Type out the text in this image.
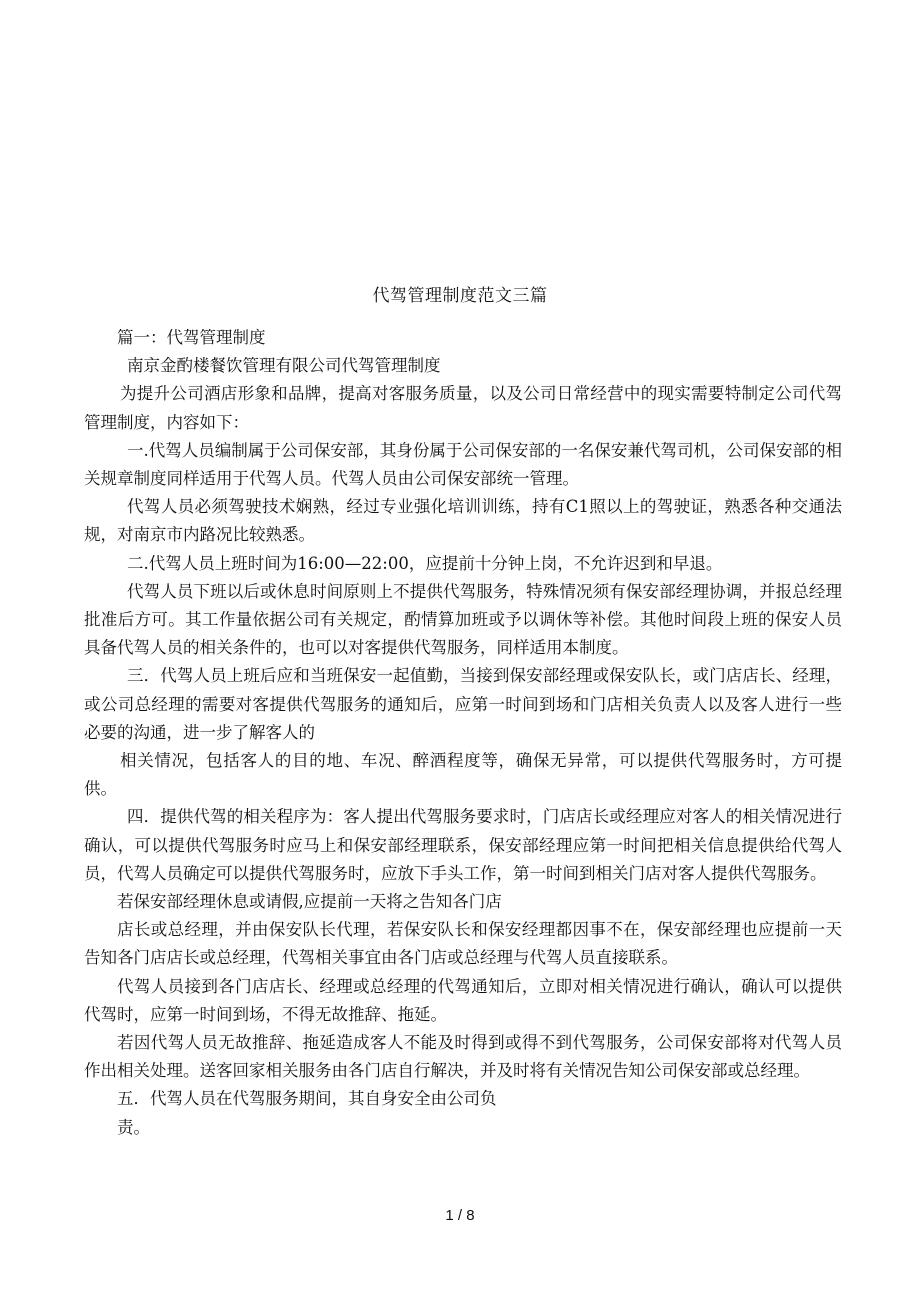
代驾管理制度范文三篇

篇一：代驾管理制度

南京金酌楼餐饮管理有限公司代驾管理制度

为提升公司酒店形象和品牌，提高对客服务质量，以及公司日常经营中的现实需要特制定公司代驾管理制度，内容如下：

一.代驾人员编制属于公司保安部，其身份属于公司保安部的一名保安兼代驾司机，公司保安部的相关规章制度同样适用于代驾人员。代驾人员由公司保安部统一管理。

代驾人员必须驾驶技术娴熟，经过专业强化培训训练，持有C1照以上的驾驶证，熟悉各种交通法规，对南京市内路况比较熟悉。

二.代驾人员上班时间为16:00—22:00，应提前十分钟上岗，不允许迟到和早退。

代驾人员下班以后或休息时间原则上不提供代驾服务，特殊情况须有保安部经理协调，并报总经理批准后方可。其工作量依据公司有关规定，酌情算加班或予以调休等补偿。其他时间段上班的保安人员具备代驾人员的相关条件的，也可以对客提供代驾服务，同样适用本制度。

三．代驾人员上班后应和当班保安一起值勤，当接到保安部经理或保安队长，或门店店长、经理，或公司总经理的需要对客提供代驾服务的通知后，应第一时间到场和门店相关负责人以及客人进行一些必要的沟通，进一步了解客人的

相关情况，包括客人的目的地、车况、醉酒程度等，确保无异常，可以提供代驾服务时，方可提供。

四．提供代驾的相关程序为：客人提出代驾服务要求时，门店店长或经理应对客人的相关情况进行确认，可以提供代驾服务时应马上和保安部经理联系，保安部经理应第一时间把相关信息提供给代驾人员，代驾人员确定可以提供代驾服务时，应放下手头工作，第一时间到相关门店对客人提供代驾服务。

若保安部经理休息或请假,应提前一天将之告知各门店

店长或总经理，并由保安队长代理，若保安队长和保安经理都因事不在，保安部经理也应提前一天告知各门店店长或总经理，代驾相关事宜由各门店或总经理与代驾人员直接联系。

代驾人员接到各门店店长、经理或总经理的代驾通知后，立即对相关情况进行确认，确认可以提供代驾时，应第一时间到场，不得无故推辞、拖延。

若因代驾人员无故推辞、拖延造成客人不能及时得到或得不到代驾服务，公司保安部将对代驾人员作出相关处理。送客回家相关服务由各门店自行解决，并及时将有关情况告知公司保安部或总经理。

五．代驾人员在代驾服务期间，其自身安全由公司负

责。

1 / 8
